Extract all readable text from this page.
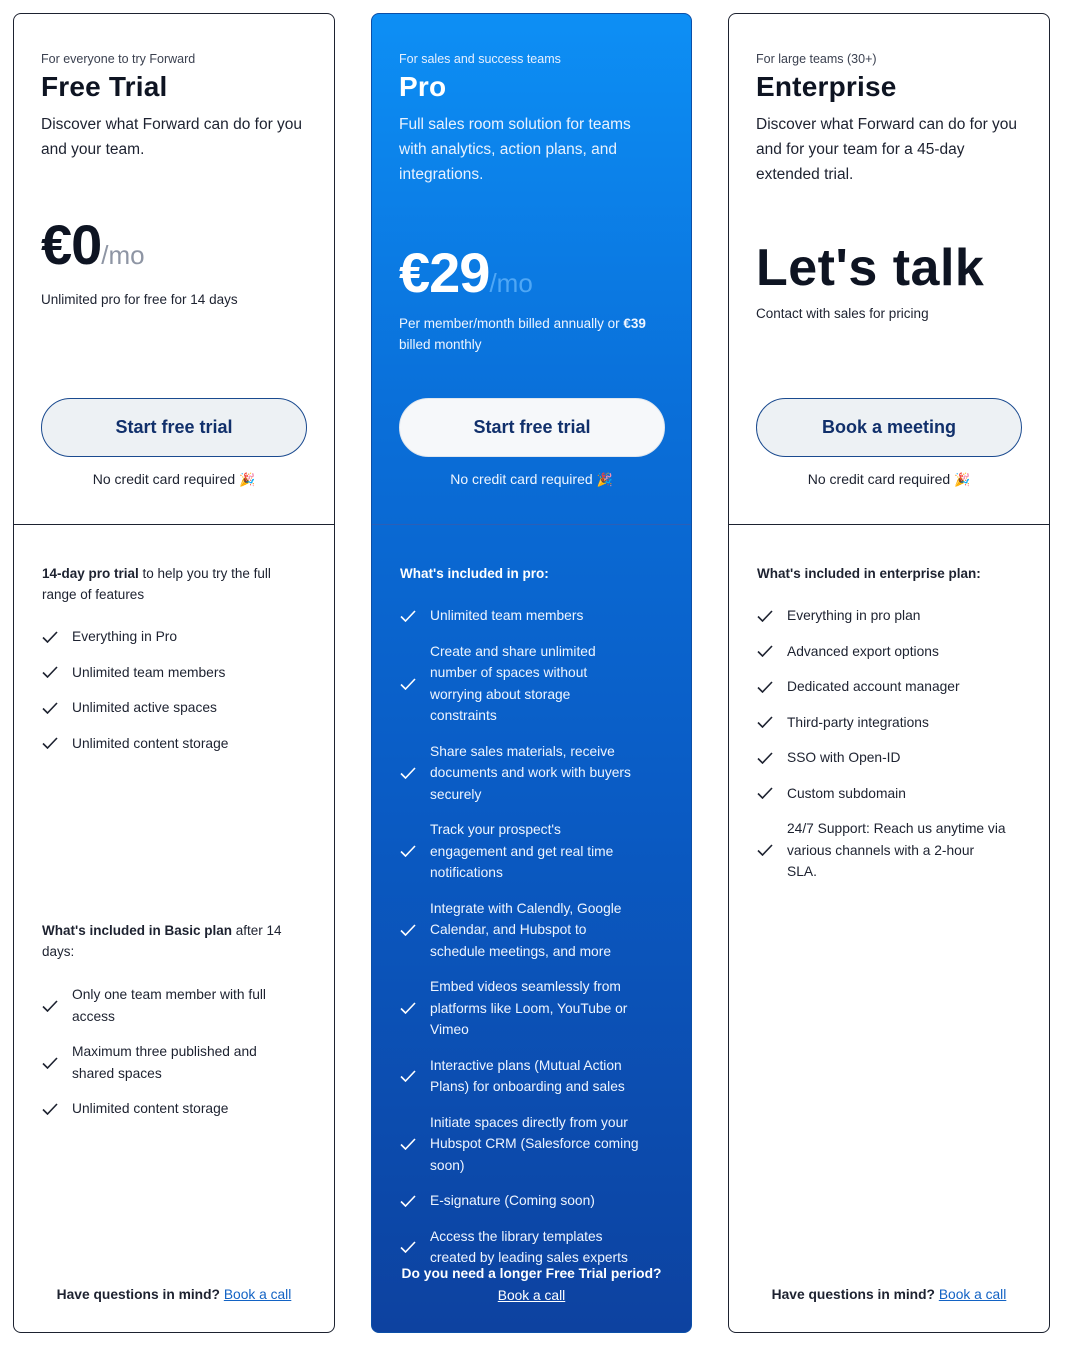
For everyone to try Forward
Free Trial
Discover what Forward can do for you and your team.
€0/mo
Unlimited pro for free for 14 days
Start free trial
No credit card required 🎉
14-day pro trial to help you try the full range of features
Everything in Pro
Unlimited team members
Unlimited active spaces
Unlimited content storage
What's included in Basic plan after 14 days:
Only one team member with full access
Maximum three published and shared spaces
Unlimited content storage
Have questions in mind? Book a call
For sales and success teams
Pro
Full sales room solution for teams with analytics, action plans, and integrations.
€29/mo
Per member/month billed annually or €39 billed monthly
Start free trial
No credit card required 🎉
What's included in pro:
Unlimited team members
Create and share unlimited number of spaces without worrying about storage constraints
Share sales materials, receive documents and work with buyers securely
Track your prospect's engagement and get real time notifications
Integrate with Calendly, Google Calendar, and Hubspot to schedule meetings, and more
Embed videos seamlessly from platforms like Loom, YouTube or Vimeo
Interactive plans (Mutual Action Plans) for onboarding and sales
Initiate spaces directly from your Hubspot CRM (Salesforce coming soon)
E-signature (Coming soon)
Access the library templates created by leading sales experts
Do you need a longer Free Trial period?
Book a call
For large teams (30+)
Enterprise
Discover what Forward can do for you and for your team for a 45-day extended trial.
Let's talk
Contact with sales for pricing
Book a meeting
No credit card required 🎉
What's included in enterprise plan:
Everything in pro plan
Advanced export options
Dedicated account manager
Third-party integrations
SSO with Open-ID
Custom subdomain
24/7 Support: Reach us anytime via various channels with a 2-hour SLA.
Have questions in mind? Book a call
